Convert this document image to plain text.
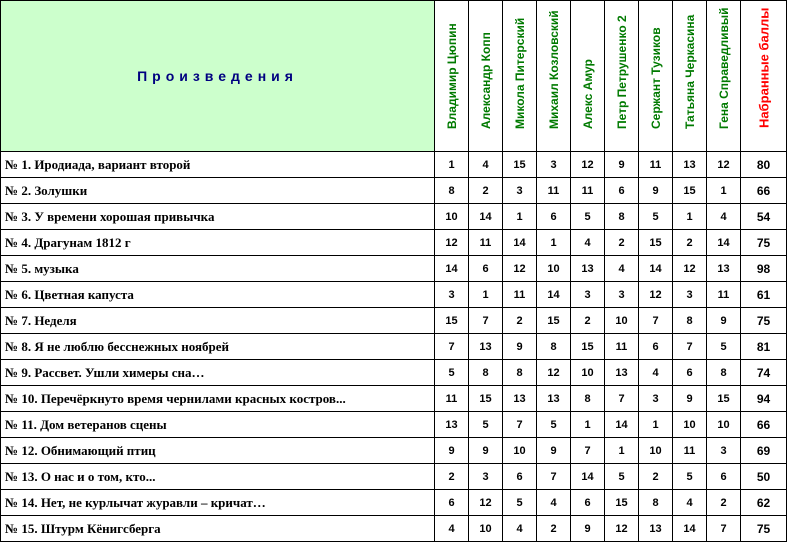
Произведения	Владимир Цюпин	Александр Копп	Микола Питерский	Михаил Козловский	Алекс Амур	Петр Петрушенко 2	Сержант Тузиков	Татьяна Черкасина	Гена Справедливый	Набранные баллы

№ 1. Иродиада, вариант второй	1	4	15	3	12	9	11	13	12	80
№ 2. Золушки	8	2	3	11	11	6	9	15	1	66
№ 3. У времени хорошая привычка	10	14	1	6	5	8	5	1	4	54
№ 4. Драгунам 1812 г	12	11	14	1	4	2	15	2	14	75
№ 5. музыка	14	6	12	10	13	4	14	12	13	98
№ 6. Цветная капуста	3	1	11	14	3	3	12	3	11	61
№ 7. Неделя	15	7	2	15	2	10	7	8	9	75
№ 8. Я не люблю бесснежных ноябрей	7	13	9	8	15	11	6	7	5	81
№ 9. Рассвет. Ушли химеры сна…	5	8	8	12	10	13	4	6	8	74
№ 10. Перечёркнуто время чернилами красных костров...	11	15	13	13	8	7	3	9	15	94
№ 11. Дом ветеранов сцены	13	5	7	5	1	14	1	10	10	66
№ 12. Обнимающий птиц	9	9	10	9	7	1	10	11	3	69
№ 13. О нас и о том, кто...	2	3	6	7	14	5	2	5	6	50
№ 14. Нет, не курлычат журавли – кричат…	6	12	5	4	6	15	8	4	2	62
№ 15. Штурм Кёнигсберга	4	10	4	2	9	12	13	14	7	75
